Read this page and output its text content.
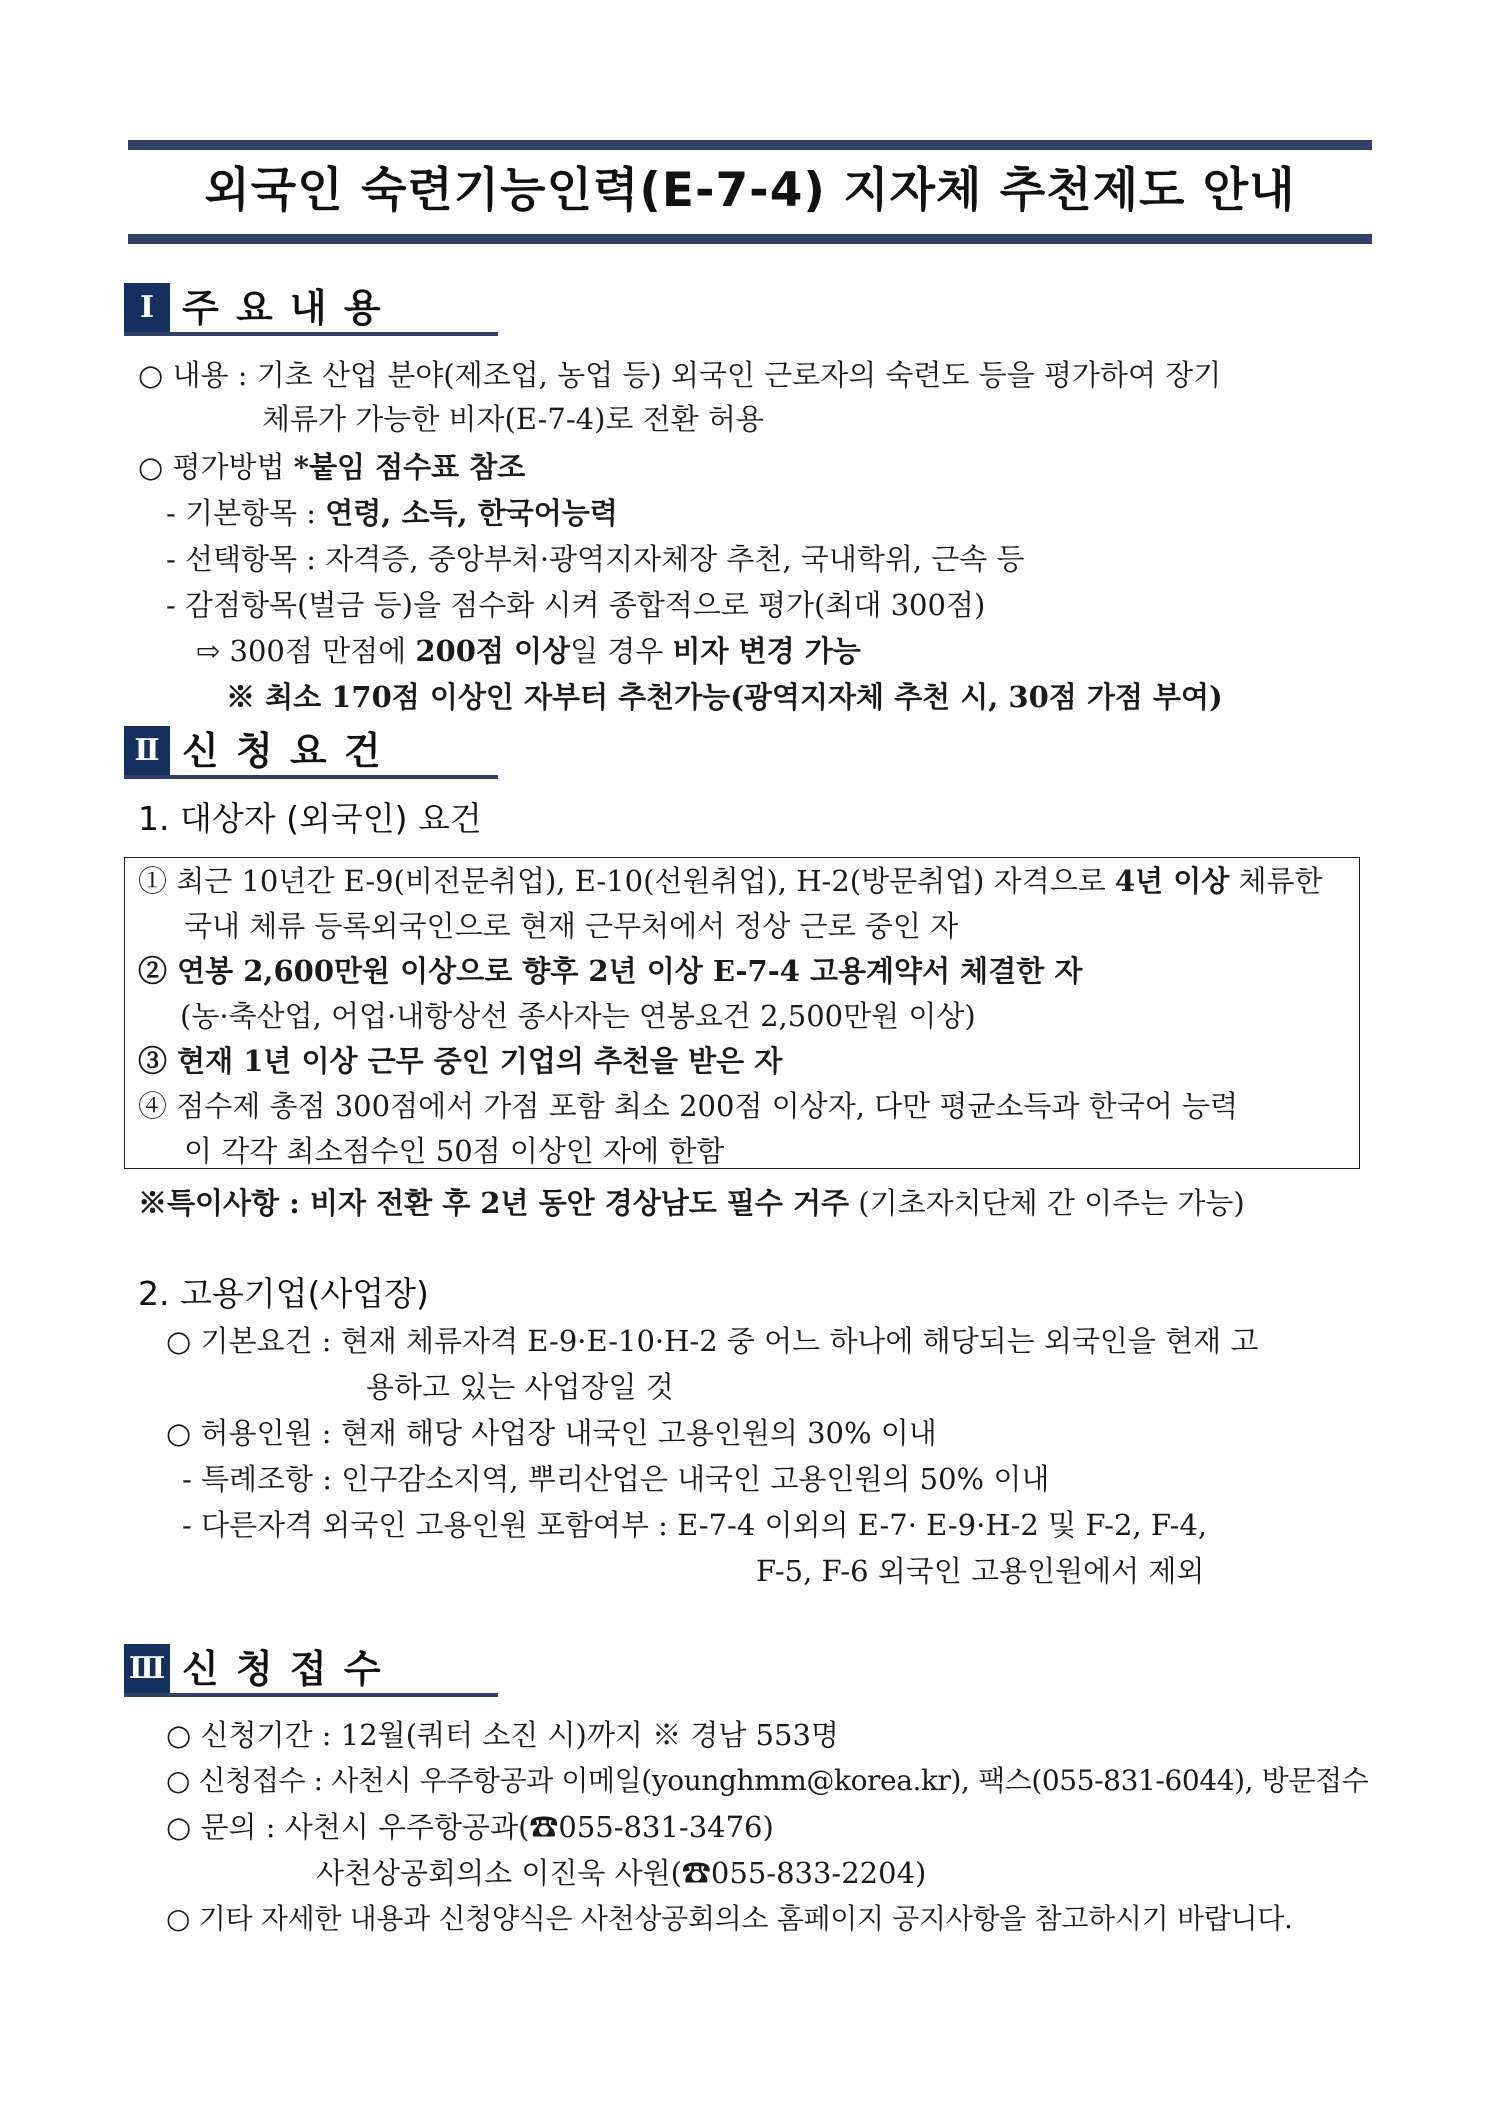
외국인 숙련기능인력(E-7-4) 지자체 추천제도 안내
Ⅰ 주 요 내 용
○ 내용 : 기초 산업 분야(제조업, 농업 등) 외국인 근로자의 숙련도 등을 평가하여 장기
체류가 가능한 비자(E-7-4)로 전환 허용
○ 평가방법 *붙임 점수표 참조
- 기본항목 : 연령, 소득, 한국어능력
- 선택항목 : 자격증, 중앙부처·광역지자체장 추천, 국내학위, 근속 등
- 감점항목(벌금 등)을 점수화 시켜 종합적으로 평가(최대 300점)
⇨ 300점 만점에 200점 이상일 경우 비자 변경 가능
※ 최소 170점 이상인 자부터 추천가능(광역지자체 추천 시, 30점 가점 부여)
Ⅱ 신 청 요 건
1. 대상자 (외국인) 요건
① 최근 10년간 E-9(비전문취업), E-10(선원취업), H-2(방문취업) 자격으로 4년 이상 체류한
국내 체류 등록외국인으로 현재 근무처에서 정상 근로 중인 자
② 연봉 2,600만원 이상으로 향후 2년 이상 E-7-4 고용계약서 체결한 자
(농·축산업, 어업·내항상선 종사자는 연봉요건 2,500만원 이상)
③ 현재 1년 이상 근무 중인 기업의 추천을 받은 자
④ 점수제 총점 300점에서 가점 포함 최소 200점 이상자, 다만 평균소득과 한국어 능력
이 각각 최소점수인 50점 이상인 자에 한함
※특이사항 : 비자 전환 후 2년 동안 경상남도 필수 거주 (기초자치단체 간 이주는 가능)
2. 고용기업(사업장)
○ 기본요건 : 현재 체류자격 E-9·E-10·H-2 중 어느 하나에 해당되는 외국인을 현재 고
용하고 있는 사업장일 것
○ 허용인원 : 현재 해당 사업장 내국인 고용인원의 30% 이내
- 특례조항 : 인구감소지역, 뿌리산업은 내국인 고용인원의 50% 이내
- 다른자격 외국인 고용인원 포함여부 : E-7-4 이외의 E-7· E-9·H-2 및 F-2, F-4,
F-5, F-6 외국인 고용인원에서 제외
Ⅲ 신 청 접 수
○ 신청기간 : 12월(쿼터 소진 시)까지 ※ 경남 553명
○ 신청접수 : 사천시 우주항공과 이메일(younghmm@korea.kr), 팩스(055-831-6044), 방문접수
○ 문의 : 사천시 우주항공과(☎055-831-3476)
사천상공회의소 이진욱 사원(☎055-833-2204)
○ 기타 자세한 내용과 신청양식은 사천상공회의소 홈페이지 공지사항을 참고하시기 바랍니다.
